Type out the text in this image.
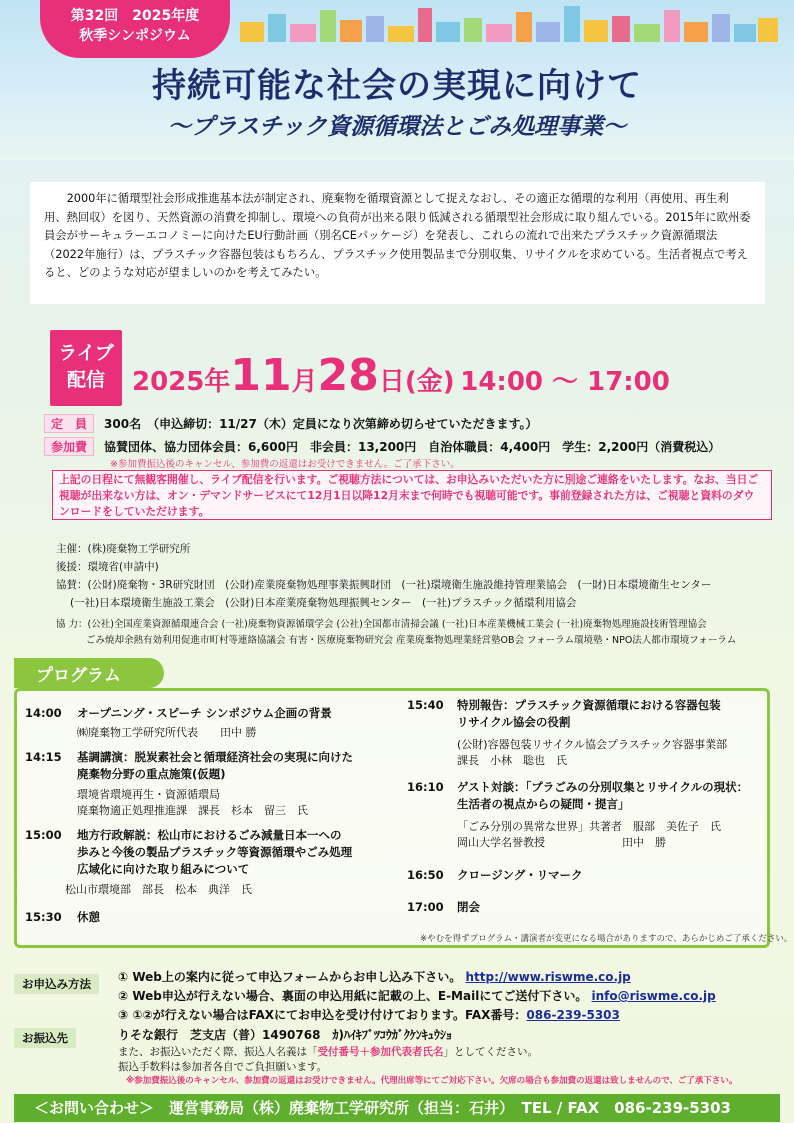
第32回　2025年度
秋季シンポジウム
持続可能な社会の実現に向けて
～プラスチック資源循環法とごみ処理事業～
2000年に循環型社会形成推進基本法が制定され、廃棄物を循環資源として捉えなおし、その適正な循環的な利用（再使用、再生利用、熱回収）を図り、天然資源の消費を抑制し、環境への負荷が出来る限り低減される循環型社会形成に取り組んでいる。2015年に欧州委員会がサーキュラーエコノミーに向けたEU行動計画（別名CEパッケージ）を発表し、これらの流れで出来たプラスチック資源循環法（2022年施行）は、プラスチック容器包装はもちろん、プラスチック使用製品まで分別収集、リサイクルを求めている。生活者視点で考えると、どのような対応が望ましいのかを考えてみたい。
ライブ
配信	2025年11月28日(金) 14:00 ～ 17:00
定　員 300名　（申込締切：11/27（木）定員になり次第締め切らせていただきます。）
参加費 協賛団体、協力団体会員：6,600円　非会員：13,200円　自治体職員：4,400円　学生：2,200円（消費税込）
※参加費振込後のキャンセル、参加費の返還はお受けできません。ご了承下さい。
上記の日程にて無観客開催し、ライブ配信を行います。ご視聴方法については、お申込みいただいた方に別途ご連絡をいたします。なお、当日ご視聴が出来ない方は、オン・デマンドサービスにて12月1日以降12月末まで何時でも視聴可能です。事前登録された方は、ご視聴と資料のダウンロードをしていただけます。
主催：(株)廃棄物工学研究所
後援：環境省(申請中)
協賛：(公財)廃棄物・3R研究財団　(公財)産業廃棄物処理事業振興財団　(一社)環境衛生施設維持管理業協会　(一財)日本環境衛生センター
(一社)日本環境衛生施設工業会　(公財)日本産業廃棄物処理振興センター　(一社)プラスチック循環利用協会
協 力：(公社)全国産業資源循環連合会 (一社)廃棄物資源循環学会 (公社)全国都市清掃会議 (一社)日本産業機械工業会 (一社)廃棄物処理施設技術管理協会
ごみ焼却余熱有効利用促進市町村等連絡協議会 有害・医療廃棄物研究会 産業廃棄物処理業経営塾OB会 フォーラム環境塾・NPO法人都市環境フォーラム
プログラム
14:00 オープニング・スピーチ シンポジウム企画の背景
㈱廃棄物工学研究所代表　　田中 勝
14:15 基調講演：脱炭素社会と循環経済社会の実現に向けた
廃棄物分野の重点施策(仮題)
環境省環境再生・資源循環局
廃棄物適正処理推進課　課長　杉本　留三　氏
15:00 地方行政解説：松山市におけるごみ減量日本一への
歩みと今後の製品プラスチック等資源循環やごみ処理
広域化に向けた取り組みについて
松山市環境部　部長　松本　典洋　氏
15:30 休憩
15:40 特別報告：プラスチック資源循環における容器包装
リサイクル協会の役割
(公財)容器包装リサイクル協会プラスチック容器事業部
課長　小林　聡也　氏
16:10 ゲスト対談：「プラごみの分別収集とリサイクルの現状：
生活者の視点からの疑問・提言」
「ごみ分別の異常な世界」共著者　服部　美佐子　氏
岡山大学名誉教授　　　　　　　田中　勝
16:50 クロージング・リマーク
17:00 閉会
※やむを得ずプログラム・講演者が変更になる場合がありますので、あらかじめご了承ください。
お申込み方法	① Web上の案内に従って申込フォームからお申し込み下さい。 http://www.riswme.co.jp
② Web申込が行えない場合、裏面の申込用紙に記載の上、E-Mailにてご送付下さい。 info@riswme.co.jp
③ ①②が行えない場合はFAXにてお申込を受け付けております。FAX番号：086-239-5303
お振込先	りそな銀行　芝支店（普）1490768　ｶ)ﾊｲｷﾌﾞﾂｺｳｶﾞｸｹﾝｷｭｳｼｮ
また、お振込いただく際、振込人名義は「受付番号＋参加代表者氏名」としてください。
振込手数料は参加者各自でご負担願います。
※参加費振込後のキャンセル、参加費の返還はお受けできません。代理出席等にてご対応下さい。欠席の場合も参加費の返還は致しませんので、ご了承下さい。
＜お問い合わせ＞　運営事務局（株）廃棄物工学研究所（担当：石井）　TEL / FAX　086-239-5303
